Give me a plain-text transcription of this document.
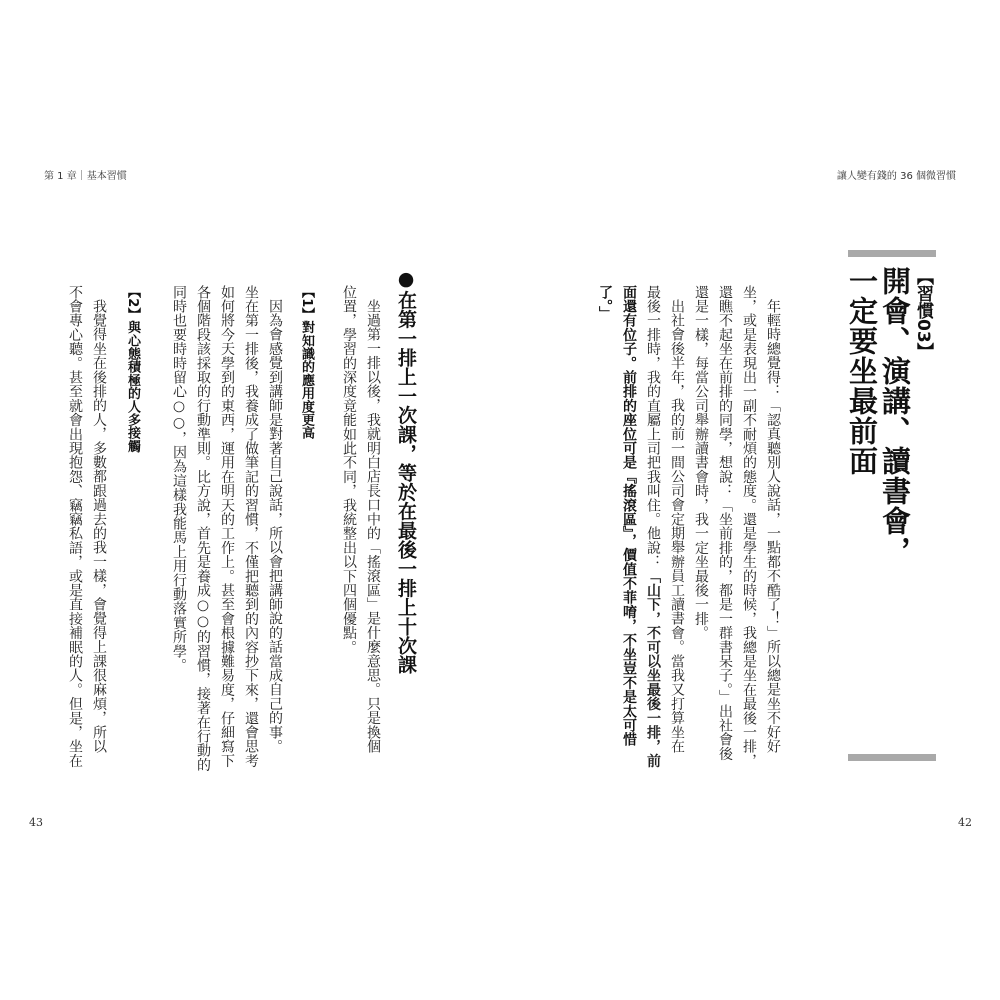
第 1 章｜基本習慣	讓人變有錢的 36 個微習慣
【習慣03】
開會、演講、讀書會，
一定要坐最前面
年輕時總覺得：「認真聽別人說話，一點都不酷了！」所以總是坐不好好
坐，或是表現出一副不耐煩的態度。還是學生的時候，我總是坐在最後一排，
還瞧不起坐在前排的同學，想說：「坐前排的，都是一群書呆子。」出社會後
還是一樣，每當公司舉辦讀書會時，我一定坐最後一排。
出社會後半年，我的前一間公司會定期舉辦員工讀書會。當我又打算坐在
最後一排時，我的直屬上司把我叫住。他說：「山下，不可以坐最後一排，前
面還有位子。前排的座位可是『搖滾區』，價值不菲唷，不坐豈不是太可惜
了。」
●在第一排上一次課，等於在最後一排上十次課
坐過第一排以後，我就明白店長口中的「搖滾區」是什麼意思。只是換個
位置，學習的深度竟能如此不同，我統整出以下四個優點。
【1】對知識的應用度更高
因為會感覺到講師是對著自己說話，所以會把講師說的話當成自己的事。
坐在第一排後，我養成了做筆記的習慣，不僅把聽到的內容抄下來，還會思考
如何將今天學到的東西，運用在明天的工作上。甚至會根據難易度，仔細寫下
各個階段該採取的行動準則。比方說，首先是養成○○的習慣，接著在行動的
同時也要時時留心○○，因為這樣我能馬上用行動落實所學。
【2】與心態積極的人多接觸
我覺得坐在後排的人，多數都跟過去的我一樣，會覺得上課很麻煩，所以
不會專心聽。甚至就會出現抱怨、竊竊私語，或是直接補眠的人。但是，坐在
43	42
